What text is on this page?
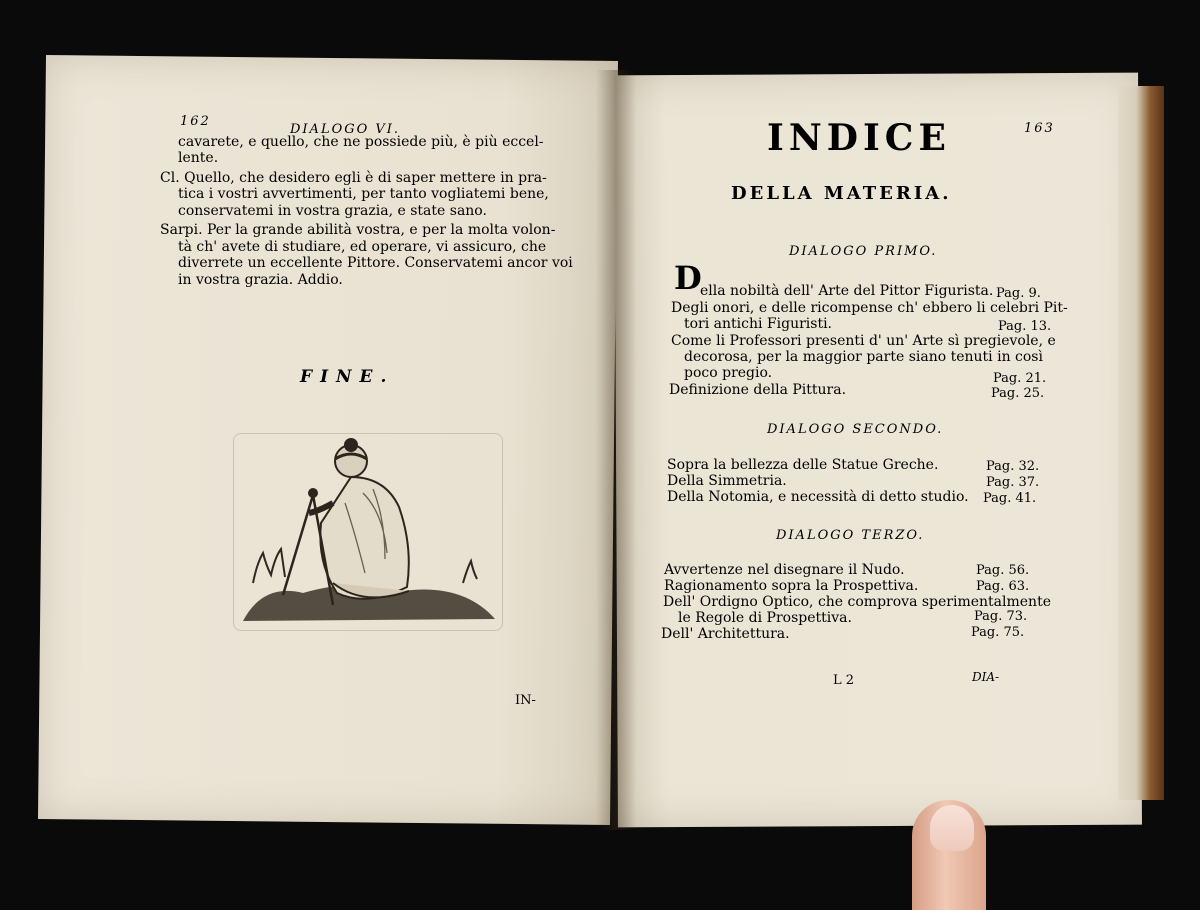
162
DIALOGO VI.
cavarete, e quello, che ne possiede più, è più eccel-
lente.
Cl. Quello, che desidero egli è di saper mettere in pra-
tica i vostri avvertimenti, per tanto vogliatemi bene,
conservatemi in vostra grazia, e state sano.
Sarpi. Per la grande abilità vostra, e per la molta volon-
tà ch' avete di studiare, ed operare, vi assicuro, che
diverrete un eccellente Pittore. Conservatemi ancor voi
in vostra grazia. Addio.
FINE.
IN-
163
INDICE
DELLA MATERIA.
DIALOGO PRIMO.
D
ella nobiltà dell' Arte del Pittor Figurista. Pag. 9.
Degli onori, e delle ricompense ch' ebbero li celebri Pit-
tori antichi Figuristi.	Pag. 13.
Come li Professori presenti d' un' Arte sì pregievole, e
decorosa, per la maggior parte siano tenuti in così
poco pregio.	Pag. 21.
Definizione della Pittura.	Pag. 25.
DIALOGO SECONDO.
Sopra la bellezza delle Statue Greche.	Pag. 32.
Della Simmetria.	Pag. 37.
Della Notomia, e necessità di detto studio. Pag. 41.
DIALOGO TERZO.
Avvertenze nel disegnare il Nudo.	Pag. 56.
Ragionamento sopra la Prospettiva.	Pag. 63.
Dell' Ordigno Optico, che comprova sperimentalmente
le Regole di Prospettiva.	Pag. 73.
Dell' Architettura.	Pag. 75.
L 2	DIA-
